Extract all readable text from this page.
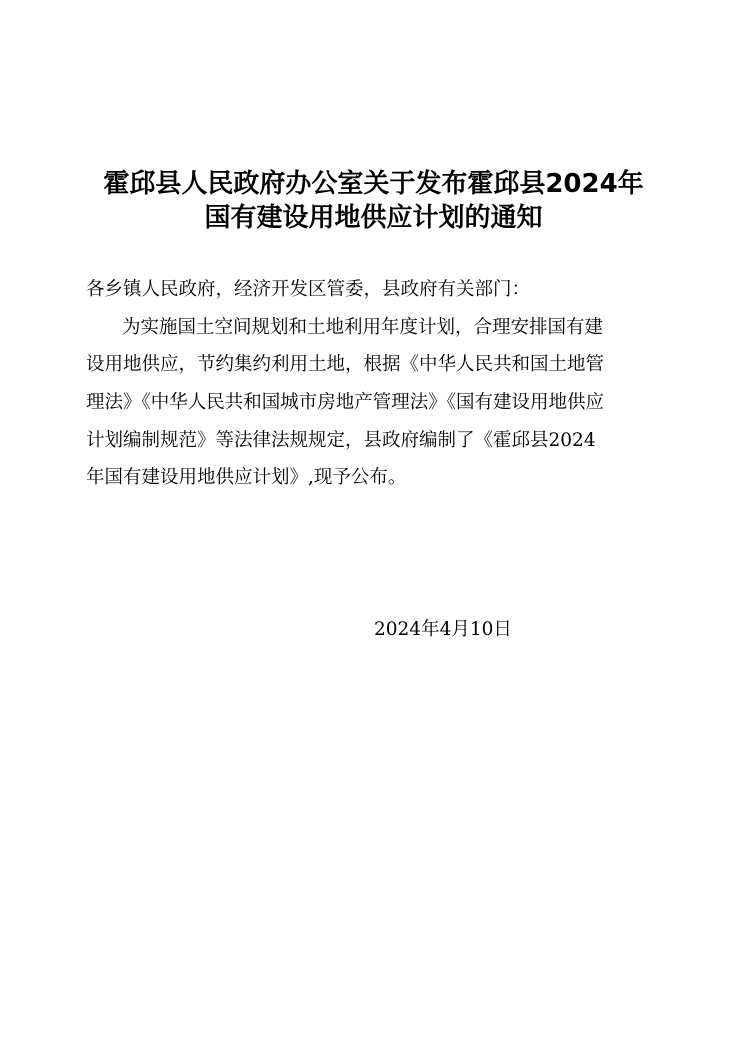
霍邱县人民政府办公室关于发布霍邱县2024年
国有建设用地供应计划的通知
各乡镇人民政府，经济开发区管委，县政府有关部门：
为实施国土空间规划和土地利用年度计划，合理安排国有建
设用地供应，节约集约利用土地，根据《中华人民共和国土地管
理法》《中华人民共和国城市房地产管理法》《国有建设用地供应
计划编制规范》等法律法规规定，县政府编制了《霍邱县2024
年国有建设用地供应计划》,现予公布。
2024年4月10日
